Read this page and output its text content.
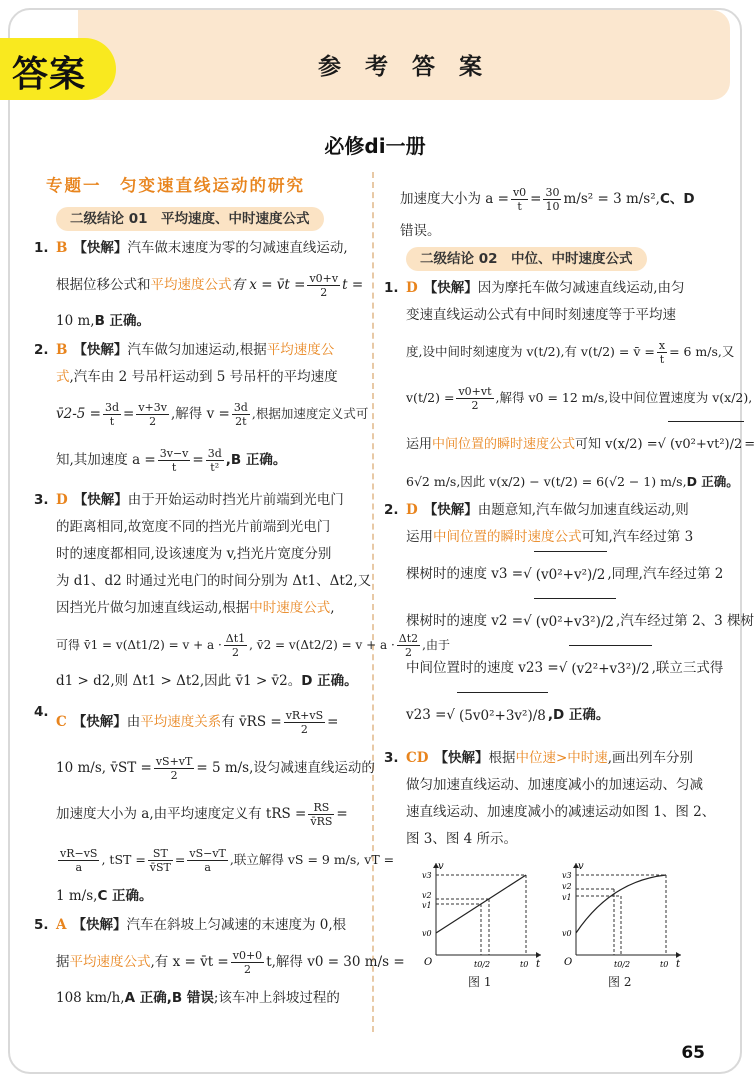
参 考 答 案
答案
必修di一册
专题一　匀变速直线运动的研究
二级结论 01　平均速度、中时速度公式
1. B 【快解】汽车做末速度为零的匀减速直线运动,
根据位移公式和平均速度公式有 x = v̄t = $\frac{v0+v}{2}$ t =
10 m,B 正确。
2. B 【快解】汽车做匀加速运动,根据平均速度公
式,汽车由 2 号吊杆运动到 5 号吊杆的平均速度
v̄2-5 = $\frac{3d}{t} = \frac{v+3v}{2}$ ,解得 $v = \frac{3d}{2t}$ ,根据加速度定义式可
知,其加速度 $a = \frac{3v-v}{t} = \frac{3d}{\text{t²}} ,B$ 正确。
3. D 【快解】由于开始运动时挡光片前端到光电门
的距离相同,故宽度不同的挡光片前端到光电门
时的速度都相同,设该速度为 v,挡光片宽度分别
为 d1、d2 时通过光电门的时间分别为 Δt1、Δt2,又
因挡光片做匀加速直线运动,根据中时速度公式,
可得 v̄1 = $v(\Delta t1/2) = v + a \cdot \frac{\Delta t1}{2}$ , v̄2 = $v(\Delta t2/2) = v + a \cdot \frac{\Delta t2}{2}$ ,由于
d1 > d2,则 Δt1 > Δt2,因此 v̄1 > v̄2。D 正确。
4.
C 【快解】由平均速度关系有 v̄RS = $\frac{vR+vS}{2}$ =
10 m/s, v̄ST = $\frac{vS+vT}{2} = 5$ m/s,设匀减速直线运动的
加速度大小为 a,由平均速度定义有 tRS = $\frac{RS}{v̄RS}$ =
$\frac{vR-vS}{a}$ , tST = $\frac{ST}{v̄ST} = \frac{vS-vT}{a}$ ,联立解得 vS = 9 m/s, vT =
1 m/s,C 正确。
5. A 【快解】汽车在斜坡上匀减速的末速度为 0,根
据平均速度公式,有 x = v̄t = $\frac{v0+0}{2} t$,解得 v0 = 30 m/s =
108 km/h,A 正确,B 错误;该车冲上斜坡过程的
加速度大小为 $a = \frac{v0}{t} = \frac{30}{10} m/s^2 = 3$ m/s²,C、D
错误。
二级结论 02　中位、中时速度公式
1. D 【快解】因为摩托车做匀减速直线运动,由匀
变速直线运动公式有中间时刻速度等于平均速
度,设中间时刻速度为 v(t/2),有 v(t/2) = v̄ = $\frac{x}{t} = 6$ m/s,又
$v(t/2) = \frac{v0+vt}{2}$ ,解得 v0 = 12 m/s,设中间位置速度为 v(x/2),
运用中间位置的瞬时速度公式可知 v(x/2) =√ (v0²+vt²)/2 =
6√2 m/s,因此 v(x/2) − v(t/2) = 6(√2 − 1) m/s,D 正确。
2. D 【快解】由题意知,汽车做匀加速直线运动,则
运用中间位置的瞬时速度公式可知,汽车经过第 3
棵树时的速度 v3 =√ (v0²+v²)/2 ,同理,汽车经过第 2
棵树时的速度 v2 =√ (v0²+v3²)/2 ,汽车经过第 2、3 棵树
中间位置时的速度 v23 =√ (v2²+v3²)/2 ,联立三式得
v23 =√ (5v0²+3v²)/8 ,D 正确。
3. CD 【快解】根据中位速>中时速,画出列车分别
做匀加速直线运动、加速度减小的加速运动、匀减
速直线运动、加速度减小的减速运动如图 1、图 2、
图 3、图 4 所示。
v
t
O
v3
v2
v1
v0
t0/2	t0
图 1
v
t
O
v3
v2
v1
v0
t0/2	t0
图 2
65
